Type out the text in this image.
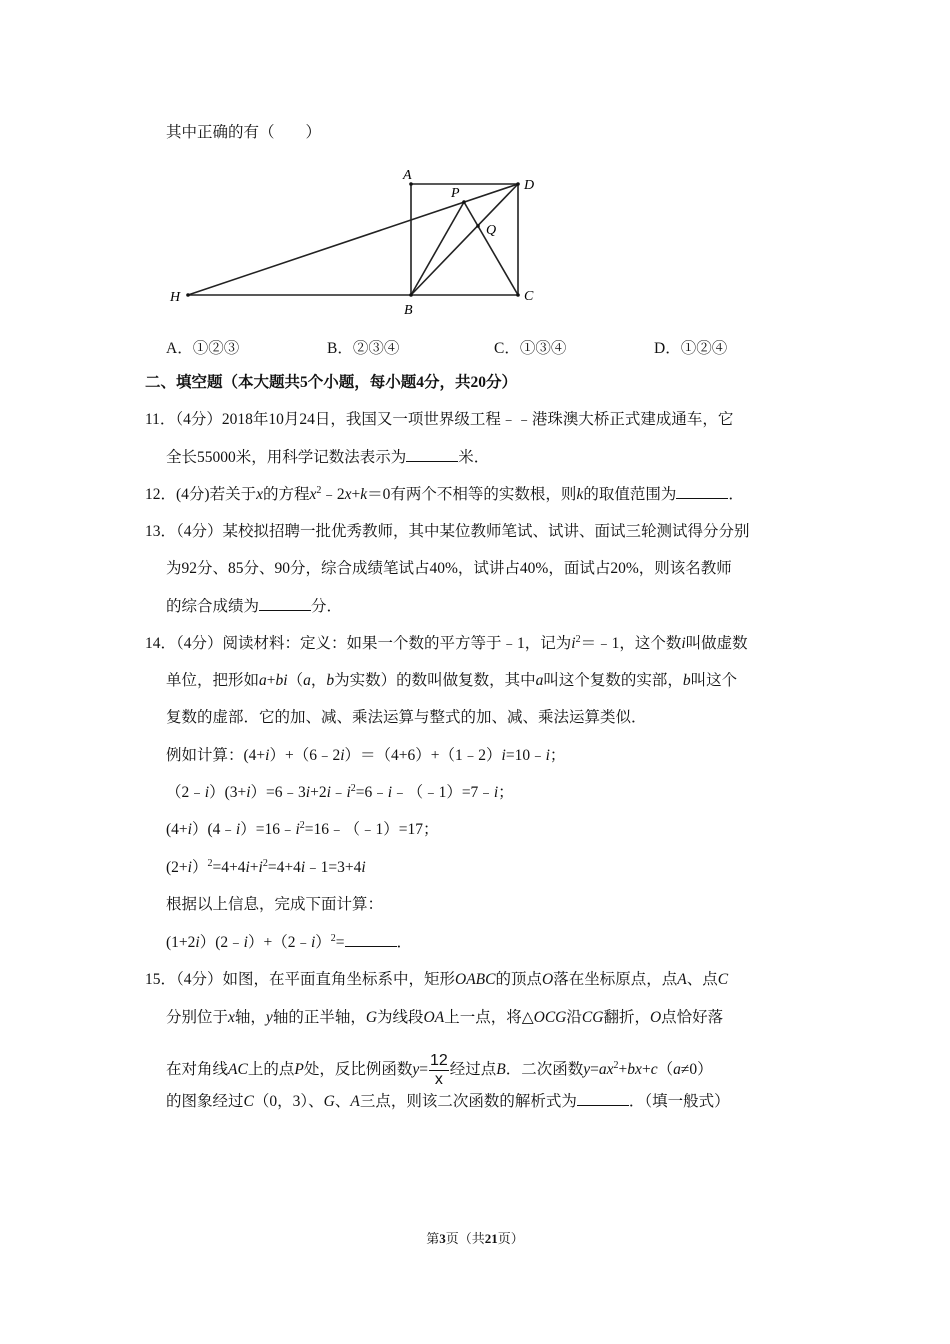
其中正确的有（　　）
A
P
D
Q
H
B
C
A．①②③	B．②③④	C．①③④	D．①②④
二、填空题（本大题共5个小题，每小题4分，共20分）
11．（4分）2018年10月24日，我国又一项世界级工程﹣﹣港珠澳大桥正式建成通车，它
全长55000米，用科学记数法表示为	米．
12．(4分)若关于x的方程$x^2﹣2x+k=0$有两个不相等的实数根，则k的取值范围为	．
13．（4分）某校拟招聘一批优秀教师，其中某位教师笔试、试讲、面试三轮测试得分分别
为92分、85分、90分，综合成绩笔试占40%，试讲占40%，面试占20%，则该名教师
的综合成绩为	分．
14．（4分）阅读材料：定义：如果一个数的平方等于﹣1，记为$i^2=﹣1$，这个数i叫做虚数
单位，把形如a+bi（a，b为实数）的数叫做复数，其中a叫这个复数的实部，b叫这个
复数的虚部．它的加、减、乘法运算与整式的加、减、乘法运算类似．
例如计算：(4+i）+（6﹣2i）＝（4+6）+（1﹣2）i=10﹣i；
$(2﹣i)(3+i)=6﹣3i+2i﹣i^2=6﹣i﹣(﹣1)=7﹣i$；
$(4+i)(4﹣i)=16﹣i^2=16﹣(﹣1)=17$；
$(2+i)^2=4+4i+i^2=4+4i﹣1=3+4i$
根据以上信息，完成下面计算：
(1+2i）(2﹣i）+（2﹣i）$^2$=	．
15．（4分）如图，在平面直角坐标系中，矩形OABC的顶点O落在坐标原点，点A、点C
分别位于x轴，y轴的正半轴，G为线段OA上一点，将△OCG沿CG翻折，O点恰好落
在对角线AC上的点P处，反比例函数$y= \frac{12}{x}$ 经过点B．二次函数$y=ax^2+bx+c(a\ne 0)$
的图象经过C（0，3）、G、A三点，则该二次函数的解析式为	．（填一般式）
第3页（共21页）
